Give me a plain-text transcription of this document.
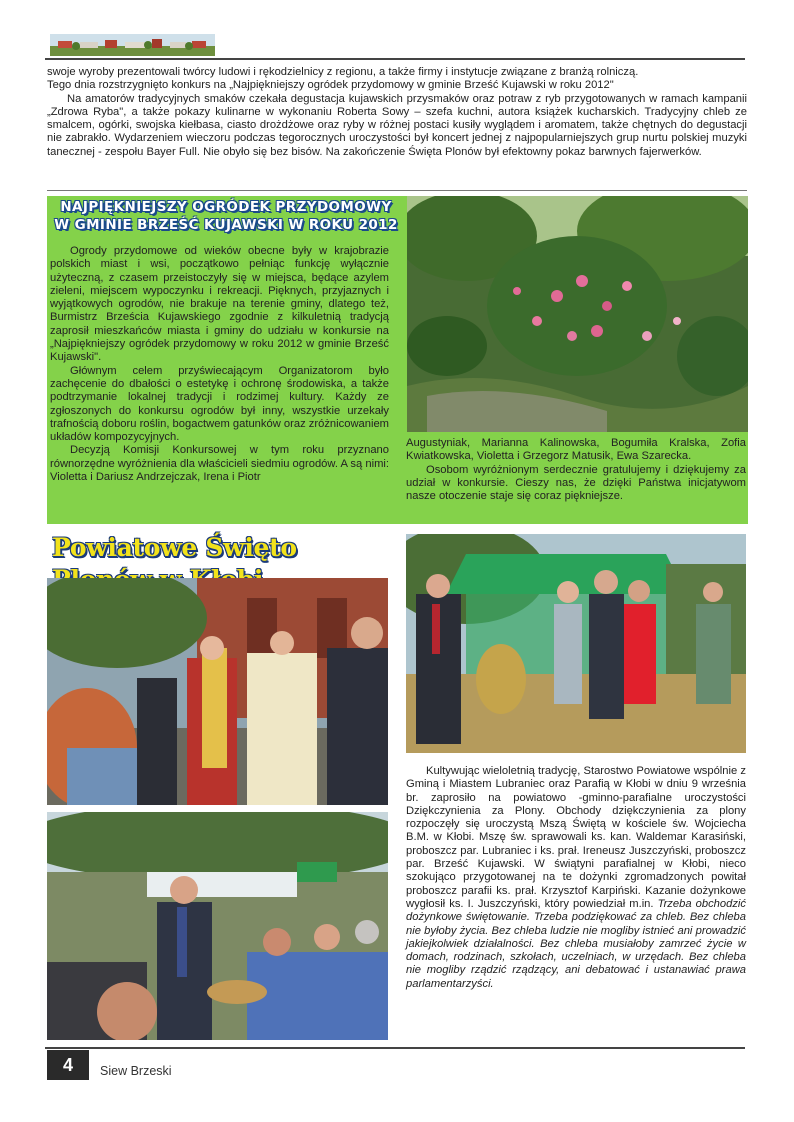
swoje wyroby prezentowali twórcy ludowi i rękodzielnicy z regionu, a także firmy i instytucje związane z branżą rolniczą.

Tego dnia rozstrzygnięto konkurs na „Najpiękniejszy ogródek przydomowy w gminie Brześć Kujawski w roku 2012"

Na amatorów tradycyjnych smaków czekała degustacja kujawskich przysmaków oraz potraw z ryb przygotowanych w ramach kampanii „Zdrowa Ryba", a także pokazy kulinarne w wykonaniu Roberta Sowy – szefa kuchni, autora książek kucharskich. Tradycyjny chleb ze smalcem, ogórki, swojska kiełbasa, ciasto drożdżowe oraz ryby w różnej postaci kusiły wyglądem i aromatem, także chętnych do degustacji nie zabrakło. Wydarzeniem wieczoru podczas tegorocznych uroczystości był koncert jednej z najpopularniejszych grup nurtu polskiej muzyki tanecznej - zespołu Bayer Full. Nie obyło się bez bisów. Na zakończenie Święta Plonów był efektowny pokaz barwnych fajerwerków.

NAJPIĘKNIEJSZY OGRÓDEK PRZYDOMOWY
W GMINIE BRZEŚĆ KUJAWSKI W ROKU 2012

Ogrody przydomowe od wieków obecne były w krajobrazie polskich miast i wsi, początkowo pełniąc funkcję wyłącznie użyteczną, z czasem przeistoczyły się w miejsca, będące azylem zieleni, miejscem wypoczynku i rekreacji. Pięknych, przyjaznych i wyjątkowych ogrodów, nie brakuje na terenie gminy, dlatego też, Burmistrz Brześcia Kujawskiego zgodnie z kilkuletnią tradycją zaprosił mieszkańców miasta i gminy do udziału w konkursie na „Najpiękniejszy ogródek przydomowy w roku 2012 w gminie Brześć Kujawski".

Głównym celem przyświecającym Organizatorom było zachęcenie do dbałości o estetykę i ochronę środowiska, a także podtrzymanie lokalnej tradycji i rodzimej kultury. Każdy ze zgłoszonych do konkursu ogrodów był inny, wszystkie urzekały trafnością doboru roślin, bogactwem gatunków oraz zróżnicowaniem układów kompozycyjnych.

Decyzją Komisji Konkursowej w tym roku przyznano równorzędne wyróżnienia dla właścicieli siedmiu ogrodów. A są nimi: Violetta i Dariusz Andrzejczak, Irena i Piotr

Augustyniak, Marianna Kalinowska, Bogumiła Kralska, Zofia Kwiatkowska, Violetta i Grzegorz Matusik, Ewa Szarecka.

Osobom wyróżnionym serdecznie gratulujemy i dziękujemy za udział w konkursie. Cieszy nas, że dzięki Państwa inicjatywom nasze otoczenie staje się coraz piękniejsze.

Powiatowe Święto

Kultywując wieloletnią tradycję, Starostwo Powiatowe wspólnie z Gminą i Miastem Lubraniec oraz Parafią w Kłobi w dniu 9 września br. zaprosiło na powiatowo -gminno-parafialne uroczystości Dziękczynienia za Plony. Obchody dziękczynienia za plony rozpoczęły się uroczystą Mszą Świętą w kościele św. Wojciecha B.M. w Kłobi. Mszę św. sprawowali ks. kan. Waldemar Karasiński, proboszcz par. Lubraniec i ks. prał. Ireneusz Juszczyński, proboszcz par. Brześć Kujawski. W świątyni parafialnej w Kłobi, nieco szokująco przygotowanej na te dożynki zgromadzonych powitał proboszcz parafii ks. prał. Krzysztof Karpiński. Kazanie dożynkowe wygłosił ks. I. Juszczyński, który powiedział m.in. Trzeba obchodzić dożynkowe świętowanie. Trzeba podziękować za chleb. Bez chleba nie byłoby życia. Bez chleba ludzie nie mogliby istnieć ani prowadzić jakiejkolwiek działalności. Bez chleba musiałoby zamrzeć życie w domach, rodzinach, szkołach, uczelniach, w urzędach. Bez chleba nie mogliby rządzić rządzący, ani debatować i ustanawiać prawa parlamentarzyści.

4	Siew Brzeski
